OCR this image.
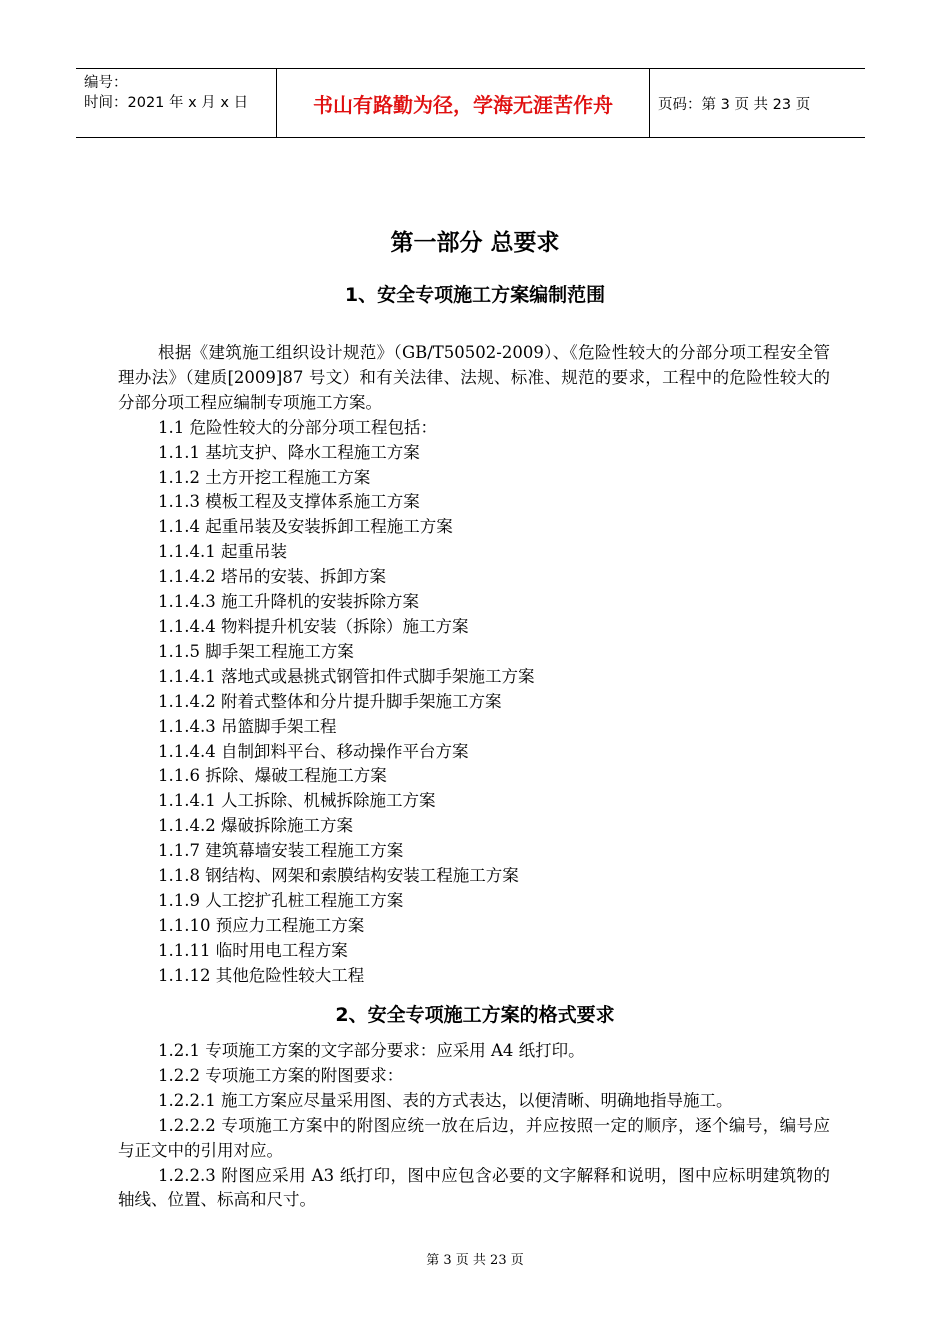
编号：
时间：2021 年 x 月 x 日	书山有路勤为径，学海无涯苦作舟	页码：第 3 页 共 23 页
第一部分 总要求
1、安全专项施工方案编制范围

根据《建筑施工组织设计规范》（GB/T50502-2009）、《危险性较大的分部分项工程安全管理办法》（建质[2009]87 号文）和有关法律、法规、标准、规范的要求，工程中的危险性较大的分部分项工程应编制专项施工方案。

1.1 危险性较大的分部分项工程包括：

1.1.1 基坑支护、降水工程施工方案

1.1.2 土方开挖工程施工方案

1.1.3 模板工程及支撑体系施工方案

1.1.4 起重吊装及安装拆卸工程施工方案

1.1.4.1 起重吊装

1.1.4.2 塔吊的安装、拆卸方案

1.1.4.3 施工升降机的安装拆除方案

1.1.4.4 物料提升机安装（拆除）施工方案

1.1.5 脚手架工程施工方案

1.1.4.1 落地式或悬挑式钢管扣件式脚手架施工方案

1.1.4.2 附着式整体和分片提升脚手架施工方案

1.1.4.3 吊篮脚手架工程

1.1.4.4 自制卸料平台、移动操作平台方案

1.1.6 拆除、爆破工程施工方案

1.1.4.1 人工拆除、机械拆除施工方案

1.1.4.2 爆破拆除施工方案

1.1.7 建筑幕墙安装工程施工方案

1.1.8 钢结构、网架和索膜结构安装工程施工方案

1.1.9 人工挖扩孔桩工程施工方案

1.1.10 预应力工程施工方案

1.1.11 临时用电工程方案

1.1.12 其他危险性较大工程

2、安全专项施工方案的格式要求

1.2.1 专项施工方案的文字部分要求：应采用 A4 纸打印。

1.2.2 专项施工方案的附图要求：

1.2.2.1 施工方案应尽量采用图、表的方式表达，以便清晰、明确地指导施工。

1.2.2.2 专项施工方案中的附图应统一放在后边，并应按照一定的顺序，逐个编号，编号应与正文中的引用对应。

1.2.2.3 附图应采用 A3 纸打印，图中应包含必要的文字解释和说明，图中应标明建筑物的轴线、位置、标高和尺寸。

第 3 页 共 23 页
